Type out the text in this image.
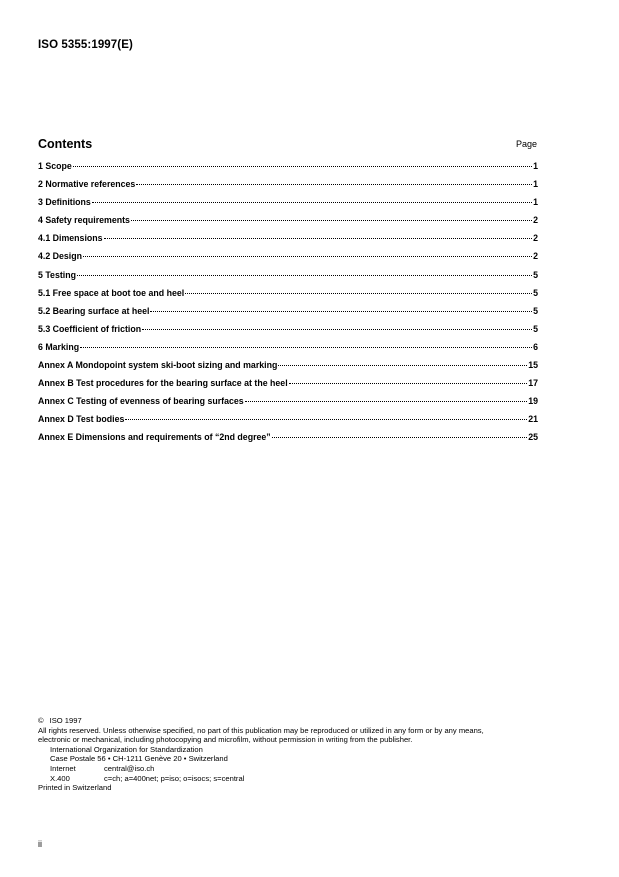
ISO 5355:1997(E)
Contents	Page
1 Scope	1
2 Normative references	1
3 Definitions	1
4 Safety requirements	2
4.1 Dimensions	2
4.2 Design	2
5 Testing	5
5.1 Free space at boot toe and heel	5
5.2 Bearing surface at heel	5
5.3 Coefficient of friction	5
6 Marking	6
Annex A Mondopoint system ski-boot sizing and marking	15
Annex B Test procedures for the bearing surface at the heel	17
Annex C Testing of evenness of bearing surfaces	19
Annex D Test bodies	21
Annex E Dimensions and requirements of “2nd degree”	25
© ISO 1997
All rights reserved. Unless otherwise specified, no part of this publication may be reproduced or utilized in any form or by any means,
electronic or mechanical, including photocopying and microfilm, without permission in writing from the publisher.
International Organization for Standardization
Case Postale 56 • CH-1211 Genève 20 • Switzerland
Internet	central@iso.ch
X.400	c=ch; a=400net; p=iso; o=isocs; s=central
Printed in Switzerland
ii
